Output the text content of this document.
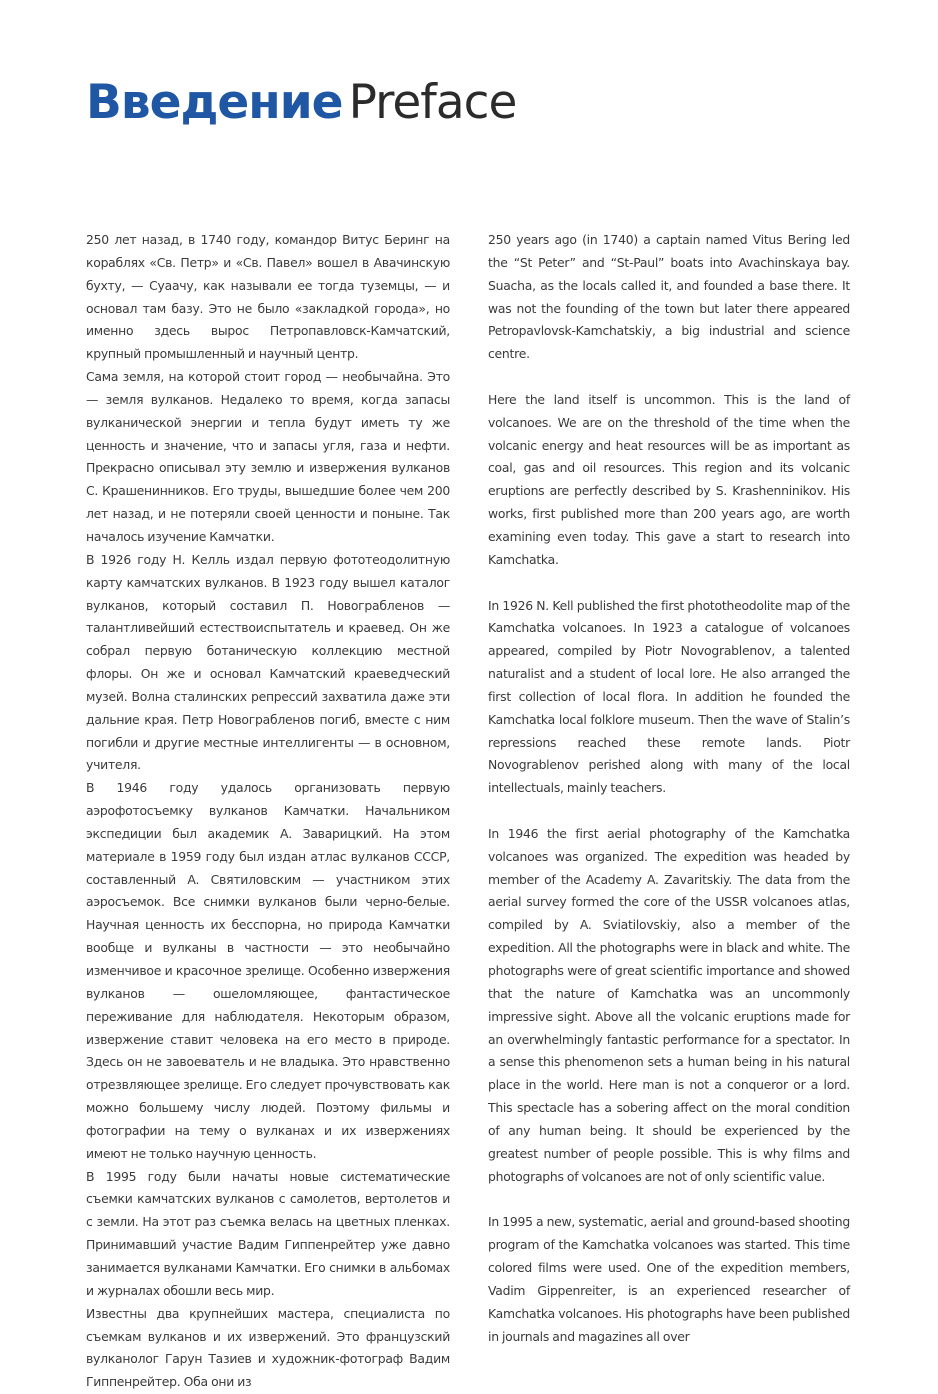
Введение Preface

250 лет назад, в 1740 году, командор Витус Беринг на кораблях «Св. Петр» и «Св. Павел» вошел в Авачинскую бухту, — Суаачу, как называли ее тогда туземцы, — и основал там базу. Это не было «закладкой города», но именно здесь вырос Петропавловск-Камчатский, крупный промышленный и научный центр.

Сама земля, на которой стоит город — необычайна. Это — земля вулканов. Недалеко то время, когда запасы вулканической энергии и тепла будут иметь ту же ценность и значение, что и запасы угля, газа и нефти. Прекрасно описывал эту землю и извержения вулканов С. Крашенинников. Его труды, вышедшие более чем 200 лет назад, и не потеряли своей ценности и поныне. Так началось изучение Камчатки.

В 1926 году Н. Келль издал первую фототеодолитную карту камчатских вулканов. В 1923 году вышел каталог вулканов, который составил П. Новограбленов — талантливейший естествоиспытатель и краевед. Он же собрал первую ботаническую коллекцию местной флоры. Он же и основал Камчатский краеведческий музей. Волна сталинских репрессий захватила даже эти дальние края. Петр Новограбленов погиб, вместе с ним погибли и другие местные интеллигенты — в основном, учителя.

В 1946 году удалось организовать первую аэрофотосъемку вулканов Камчатки. Начальником экспедиции был академик А. Заварицкий. На этом материале в 1959 году был издан атлас вулканов СССР, составленный А. Святиловским — участником этих аэросъемок. Все снимки вулканов были черно-белые. Научная ценность их бесспорна, но природа Камчатки вообще и вулканы в частности — это необычайно изменчивое и красочное зрелище. Особенно извержения вулканов — ошеломляющее, фантастическое переживание для наблюдателя. Некоторым образом, извержение ставит человека на его место в природе. Здесь он не завоеватель и не владыка. Это нравственно отрезвляющее зрелище. Его следует прочувствовать как можно большему числу людей. Поэтому фильмы и фотографии на тему о вулканах и их извержениях имеют не только научную ценность.

В 1995 году были начаты новые систематические съемки камчатских вулканов с самолетов, вертолетов и с земли. На этот раз съемка велась на цветных пленках. Принимавший участие Вадим Гиппенрейтер уже давно занимается вулканами Камчатки. Его снимки в альбомах и журналах обошли весь мир.

Известны два крупнейших мастера, специалиста по съемкам вулканов и их извержений. Это французский вулканолог Гарун Тазиев и художник-фотограф Вадим Гиппенрейтер. Оба они из

250 years ago (in 1740) a captain named Vitus Bering led the “St Peter” and “St-Paul” boats into Avachinskaya bay. Suacha, as the locals called it, and founded a base there. It was not the founding of the town but later there appeared Petropavlovsk-Kamchatskiy, a big industrial and science centre.

Here the land itself is uncommon. This is the land of volcanoes. We are on the threshold of the time when the volcanic energy and heat resources will be as important as coal, gas and oil resources. This region and its volcanic eruptions are perfectly described by S. Krashenninikov. His works, first published more than 200 years ago, are worth examining even today. This gave a start to research into Kamchatka.

In 1926 N. Kell published the first phototheodolite map of the Kamchatka volcanoes. In 1923 a catalogue of volcanoes appeared, compiled by Piotr Novograblenov, a talented naturalist and a student of local lore. He also arranged the first collection of local flora. In addition he founded the Kamchatka local folklore museum. Then the wave of Stalin’s repressions reached these remote lands. Piotr Novograblenov perished along with many of the local intellectuals, mainly teachers.

In 1946 the first aerial photography of the Kamchatka volcanoes was organized. The expedition was headed by member of the Academy A. Zavaritskiy. The data from the aerial survey formed the core of the USSR volcanoes atlas, compiled by A. Sviatilovskiy, also a member of the expedition. All the photographs were in black and white. The photographs were of great scientific importance and showed that the nature of Kamchatka was an uncommonly impressive sight. Above all the volcanic eruptions made for an overwhelmingly fantastic performance for a spectator. In a sense this phenomenon sets a human being in his natural place in the world. Here man is not a conqueror or a lord. This spectacle has a sobering affect on the moral condition of any human being. It should be experienced by the greatest number of people possible. This is why films and photographs of volcanoes are not of only scientific value.

In 1995 a new, systematic, aerial and ground-based shooting program of the Kamchatka volcanoes was started. This time colored films were used. One of the expedition members, Vadim Gippenreiter, is an experienced researcher of Kamchatka volcanoes. His photographs have been published in journals and magazines all over
